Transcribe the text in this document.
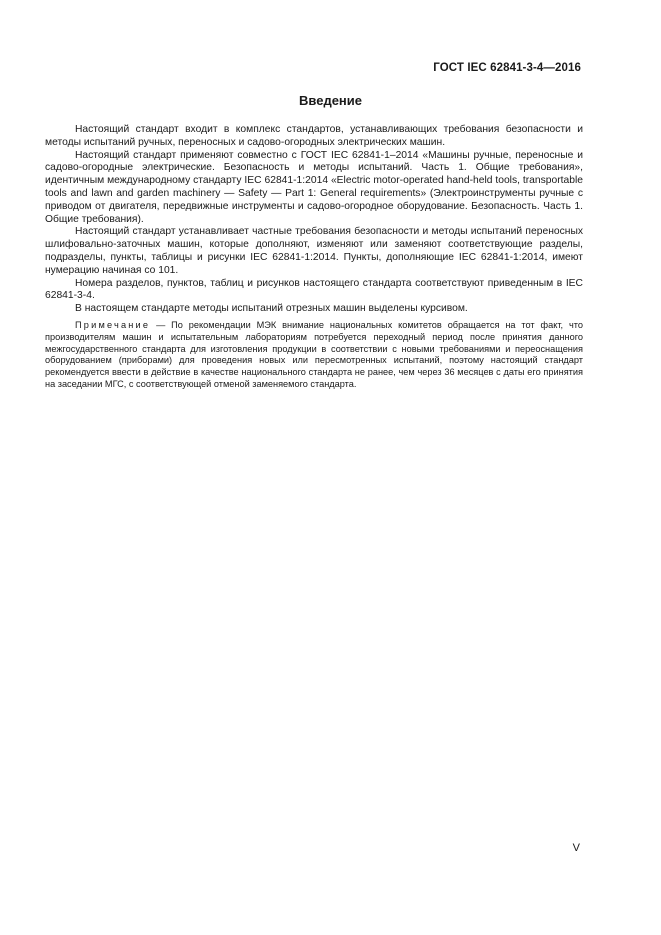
ГОСТ IEC 62841-3-4—2016
Введение

Настоящий стандарт входит в комплекс стандартов, устанавливающих требования безопасности и методы испытаний ручных, переносных и садово-огородных электрических машин.

Настоящий стандарт применяют совместно с ГОСТ IEC 62841-1–2014 «Машины ручные, переносные и садово-огородные электрические. Безопасность и методы испытаний. Часть 1. Общие требования», идентичным международному стандарту IEC 62841-1:2014 «Electric motor-operated hand-held tools, transportable tools and lawn and garden machinery — Safety — Part 1: General requirements» (Электроинструменты ручные с приводом от двигателя, передвижные инструменты и садово-огородное оборудование. Безопасность. Часть 1. Общие требования).

Настоящий стандарт устанавливает частные требования безопасности и методы испытаний переносных шлифовально-заточных машин, которые дополняют, изменяют или заменяют соответствующие разделы, подразделы, пункты, таблицы и рисунки IEC 62841-1:2014. Пункты, дополняющие IEC 62841-1:2014, имеют нумерацию начиная со 101.

Номера разделов, пунктов, таблиц и рисунков настоящего стандарта соответствуют приведенным в IEC 62841-3-4.

В настоящем стандарте методы испытаний отрезных машин выделены курсивом.

Примечание — По рекомендации МЭК внимание национальных комитетов обращается на тот факт, что производителям машин и испытательным лабораториям потребуется переходный период после принятия данного межгосударственного стандарта для изготовления продукции в соответствии с новыми требованиями и переоснащения оборудованием (приборами) для проведения новых или пересмотренных испытаний, поэтому настоящий стандарт рекомендуется ввести в действие в качестве национального стандарта не ранее, чем через 36 месяцев с даты его принятия на заседании МГС, с соответствующей отменой заменяемого стандарта.
V
